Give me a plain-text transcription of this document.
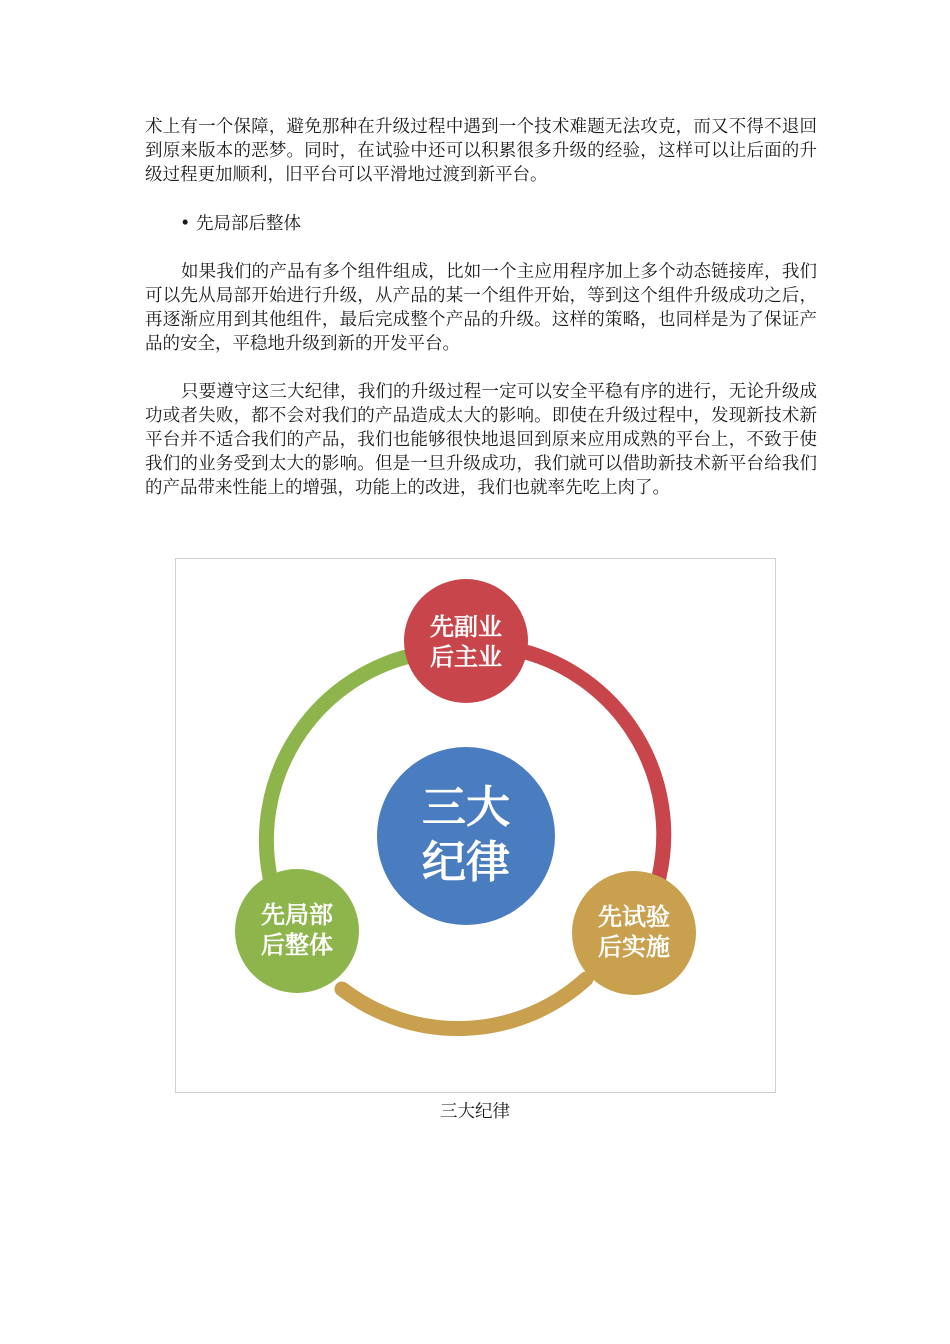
术上有一个保障，避免那种在升级过程中遇到一个技术难题无法攻克，而又不得不退回到原来版本的恶梦。同时，在试验中还可以积累很多升级的经验，这样可以让后面的升级过程更加顺利，旧平台可以平滑地过渡到新平台。

• 先局部后整体

如果我们的产品有多个组件组成，比如一个主应用程序加上多个动态链接库，我们可以先从局部开始进行升级，从产品的某一个组件开始，等到这个组件升级成功之后，再逐渐应用到其他组件，最后完成整个产品的升级。这样的策略，也同样是为了保证产品的安全，平稳地升级到新的开发平台。

只要遵守这三大纪律，我们的升级过程一定可以安全平稳有序的进行，无论升级成功或者失败，都不会对我们的产品造成太大的影响。即使在升级过程中，发现新技术新平台并不适合我们的产品，我们也能够很快地退回到原来应用成熟的平台上，不致于使我们的业务受到太大的影响。但是一旦升级成功，我们就可以借助新技术新平台给我们的产品带来性能上的增强，功能上的改进，我们也就率先吃上肉了。

三大
纪律
先副业
后主业
先试验
后实施
先局部
后整体
三大纪律
